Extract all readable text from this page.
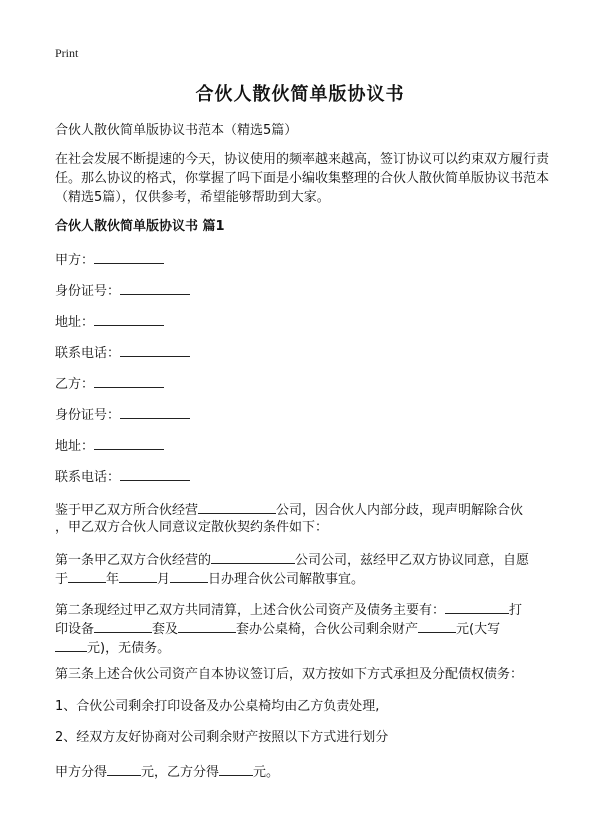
Print
合伙人散伙简单版协议书
合伙人散伙简单版协议书范本（精选5篇）
在社会发展不断提速的今天，协议使用的频率越来越高，签订协议可以约束双方履行责任。那么协议的格式，你掌握了吗下面是小编收集整理的合伙人散伙简单版协议书范本（精选5篇），仅供参考，希望能够帮助到大家。
合伙人散伙简单版协议书 篇1
甲方：
身份证号：
地址：
联系电话：
乙方：
身份证号：
地址：
联系电话：
鉴于甲乙双方所合伙经营	公司，因合伙人内部分歧，现声明解除合伙
，甲乙双方合伙人同意议定散伙契约条件如下：
第一条甲乙双方合伙经营的	公司公司，兹经甲乙双方协议同意，自愿
于	年	月	日办理合伙公司解散事宜。
第二条现经过甲乙双方共同清算，上述合伙公司资产及债务主要有：	打
印设备	套及	套办公桌椅，合伙公司剩余财产	元(大写
元)，无债务。
第三条上述合伙公司资产自本协议签订后，双方按如下方式承担及分配债权债务：
1、合伙公司剩余打印设备及办公桌椅均由乙方负责处理,
2、经双方友好协商对公司剩余财产按照以下方式进行划分
甲方分得	元，乙方分得	元。
